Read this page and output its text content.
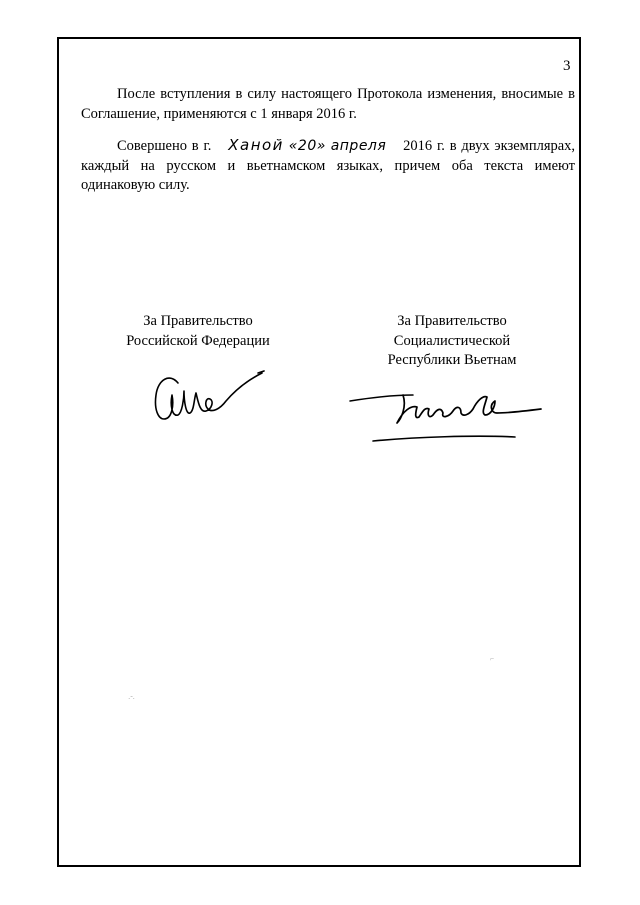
3

После вступления в силу настоящего Протокола изменения, вносимые в Соглашение, применяются с 1 января 2016 г.

Совершено в г. Ханой «20» апреля 2016 г. в двух экземплярах, каждый на русском и вьетнамском языках, причем оба текста имеют одинаковую силу.

За Правительство
Российской Федерации
За Правительство
Социалистической
Республики Вьетнам
⌐
·ˆ·
